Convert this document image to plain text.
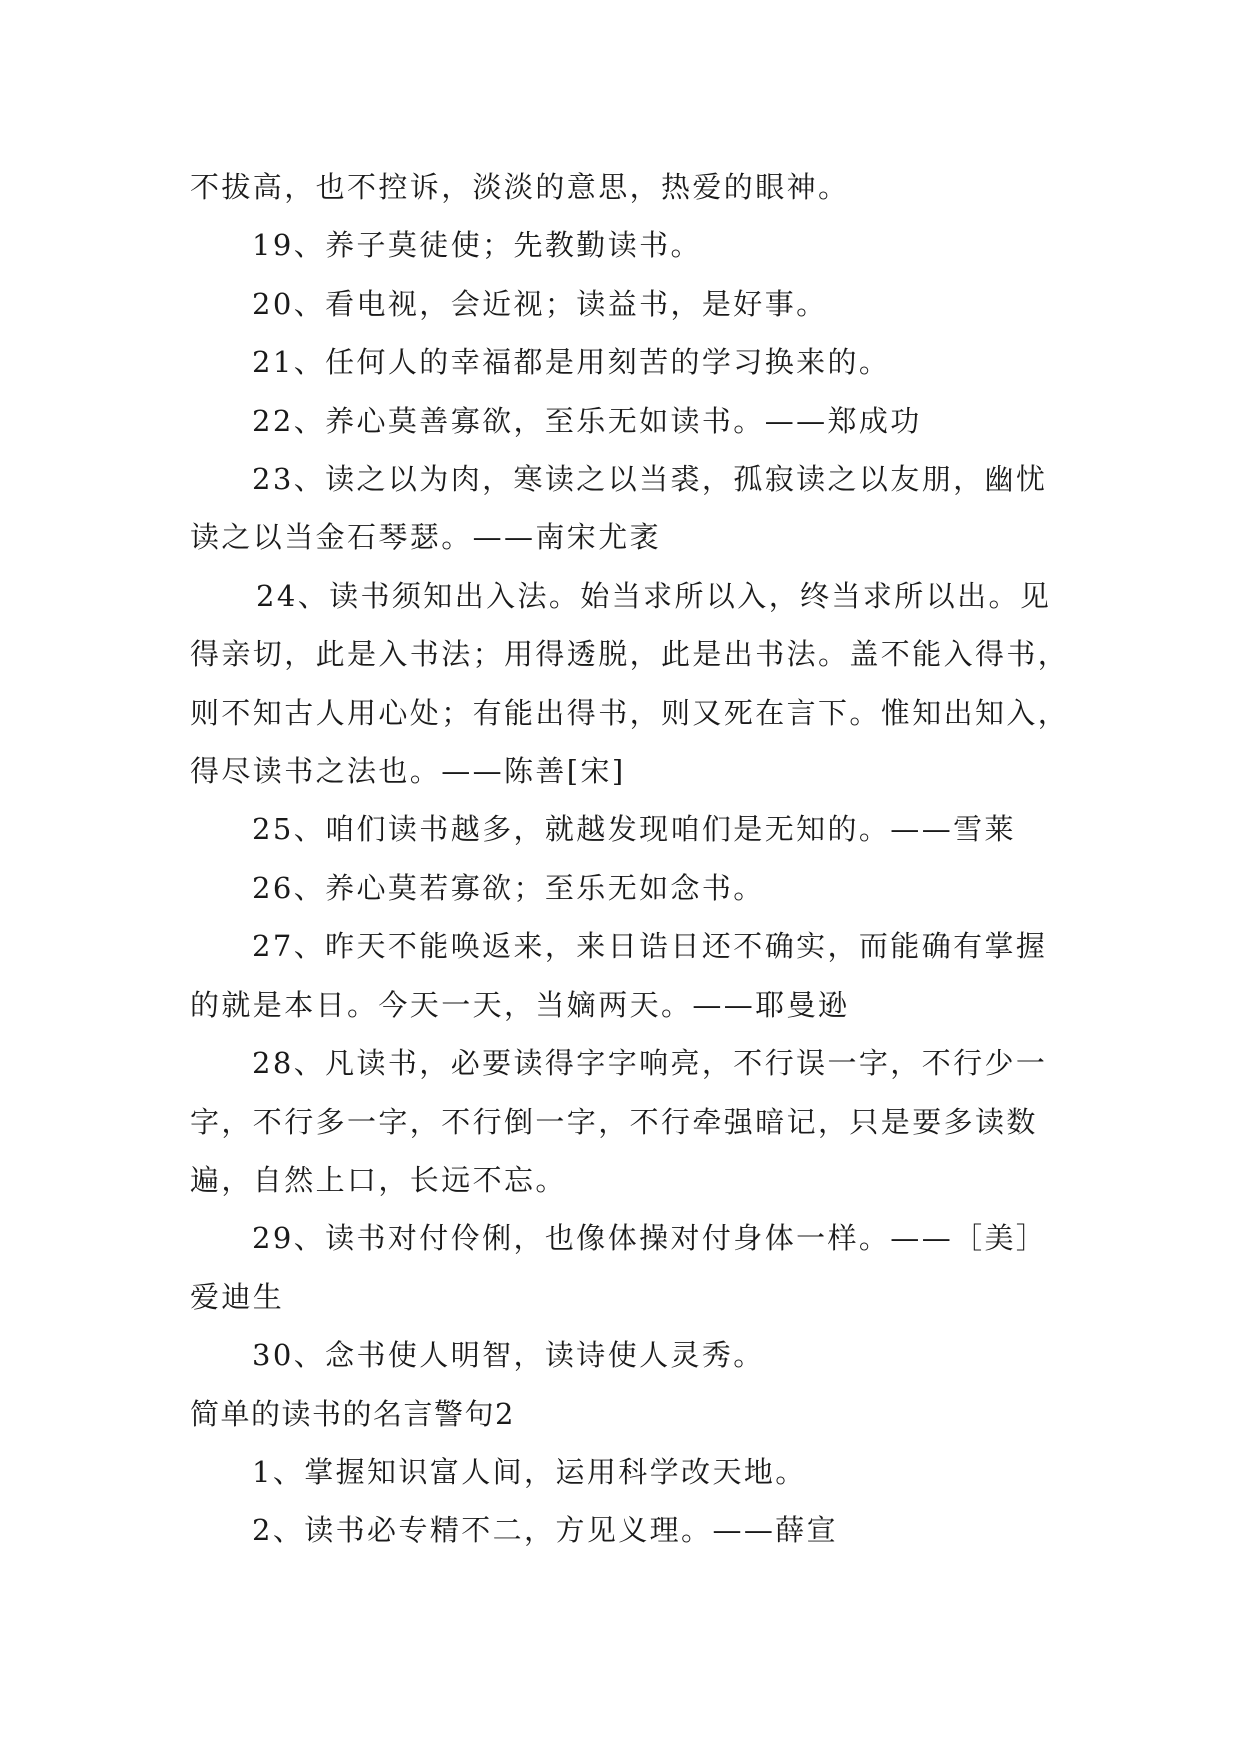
不拔高，也不控诉，淡淡的意思，热爱的眼神。

19、养子莫徒使；先教勤读书。

20、看电视，会近视；读益书，是好事。

21、任何人的幸福都是用刻苦的学习换来的。

22、养心莫善寡欲，至乐无如读书。——郑成功

23、读之以为肉，寒读之以当裘，孤寂读之以友朋，幽忧读之以当金石琴瑟。——南宋尤袤

24、读书须知出入法。始当求所以入，终当求所以出。见得亲切，此是入书法；用得透脱，此是出书法。盖不能入得书，则不知古人用心处；有能出得书，则又死在言下。惟知出知入，得尽读书之法也。——陈善[宋]

25、咱们读书越多，就越发现咱们是无知的。——雪莱

26、养心莫若寡欲；至乐无如念书。

27、昨天不能唤返来，来日诰日还不确实，而能确有掌握的就是本日。今天一天，当嫡两天。——耶曼逊

28、凡读书，必要读得字字响亮，不行误一字，不行少一字，不行多一字，不行倒一字，不行牵强暗记，只是要多读数遍，自然上口，长远不忘。

29、读书对付伶俐，也像体操对付身体一样。——［美］爱迪生

30、念书使人明智，读诗使人灵秀。

简单的读书的名言警句2

1、掌握知识富人间，运用科学改天地。

2、读书必专精不二，方见义理。——薛宣
